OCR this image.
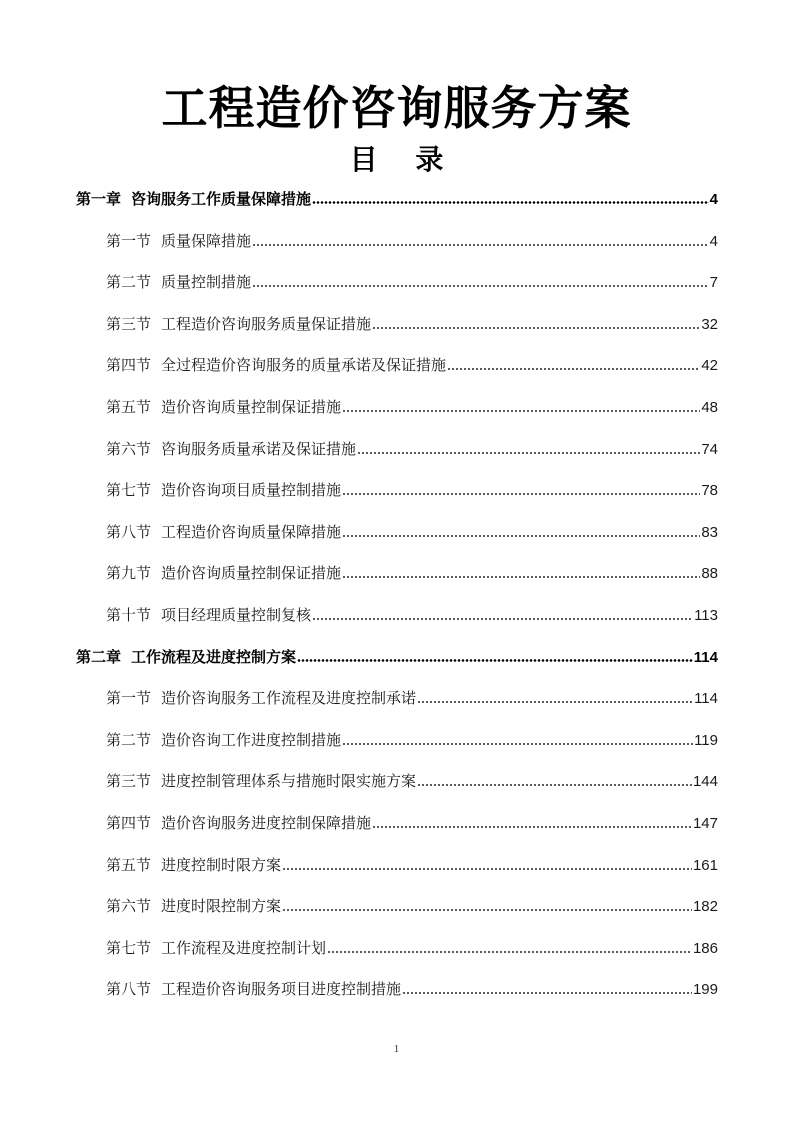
工程造价咨询服务方案
目 录
第一章 咨询服务工作质量保障措施	4
第一节 质量保障措施	4
第二节 质量控制措施	7
第三节 工程造价咨询服务质量保证措施	32
第四节 全过程造价咨询服务的质量承诺及保证措施	42
第五节 造价咨询质量控制保证措施	48
第六节 咨询服务质量承诺及保证措施	74
第七节 造价咨询项目质量控制措施	78
第八节 工程造价咨询质量保障措施	83
第九节 造价咨询质量控制保证措施	88
第十节 项目经理质量控制复核	113
第二章 工作流程及进度控制方案	114
第一节 造价咨询服务工作流程及进度控制承诺	114
第二节 造价咨询工作进度控制措施	119
第三节 进度控制管理体系与措施时限实施方案	144
第四节 造价咨询服务进度控制保障措施	147
第五节 进度控制时限方案	161
第六节 进度时限控制方案	182
第七节 工作流程及进度控制计划	186
第八节 工程造价咨询服务项目进度控制措施	199
1
